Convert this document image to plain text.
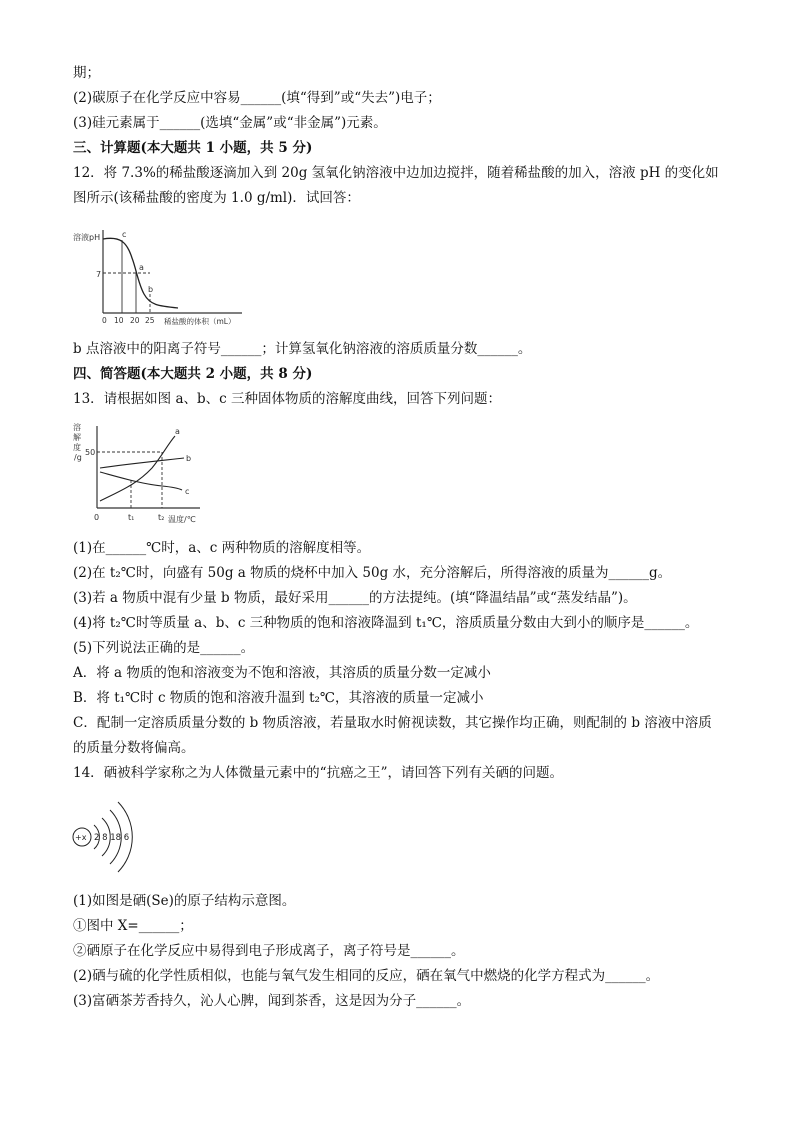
期；
(2)碳原子在化学反应中容易______(填“得到”或“失去”)电子；
(3)硅元素属于______(选填“金属”或“非金属”)元素。
三、计算题(本大题共 1 小题，共 5 分)
12．将 7.3%的稀盐酸逐滴加入到 20g 氢氧化钠溶液中边加边搅拌，随着稀盐酸的加入，溶液 pH 的变化如
图所示(该稀盐酸的密度为 1.0 g/ml)．试回答：
溶液pH
7
c
a
b
0 10 20 25 稀盐酸的体积（mL）
b 点溶液中的阳离子符号______；计算氢氧化钠溶液的溶质质量分数______。
四、简答题(本大题共 2 小题，共 8 分)
13．请根据如图 a、b、c 三种固体物质的溶解度曲线，回答下列问题：
溶
解
度
/g
50
a
b
c
0	t₁	t₂ 温度/℃
(1)在______℃时，a、c 两种物质的溶解度相等。
(2)在 t₂℃时，向盛有 50g a 物质的烧杯中加入 50g 水，充分溶解后，所得溶液的质量为______g。
(3)若 a 物质中混有少量 b 物质，最好采用______的方法提纯。(填“降温结晶”或“蒸发结晶”)。
(4)将 t₂℃时等质量 a、b、c 三种物质的饱和溶液降温到 t₁℃，溶质质量分数由大到小的顺序是______。
(5)下列说法正确的是______。
A．将 a 物质的饱和溶液变为不饱和溶液，其溶质的质量分数一定减小
B．将 t₁℃时 c 物质的饱和溶液升温到 t₂℃，其溶液的质量一定减小
C．配制一定溶质质量分数的 b 物质溶液，若量取水时俯视读数，其它操作均正确，则配制的 b 溶液中溶质
的质量分数将偏高。
14．硒被科学家称之为人体微量元素中的“抗癌之王”，请回答下列有关硒的问题。
+x 2 8 18 6
(1)如图是硒(Se)的原子结构示意图。
①图中 X=______；
②硒原子在化学反应中易得到电子形成离子，离子符号是______。
(2)硒与硫的化学性质相似，也能与氧气发生相同的反应，硒在氧气中燃烧的化学方程式为______。
(3)富硒茶芳香持久，沁人心脾，闻到茶香，这是因为分子______。
